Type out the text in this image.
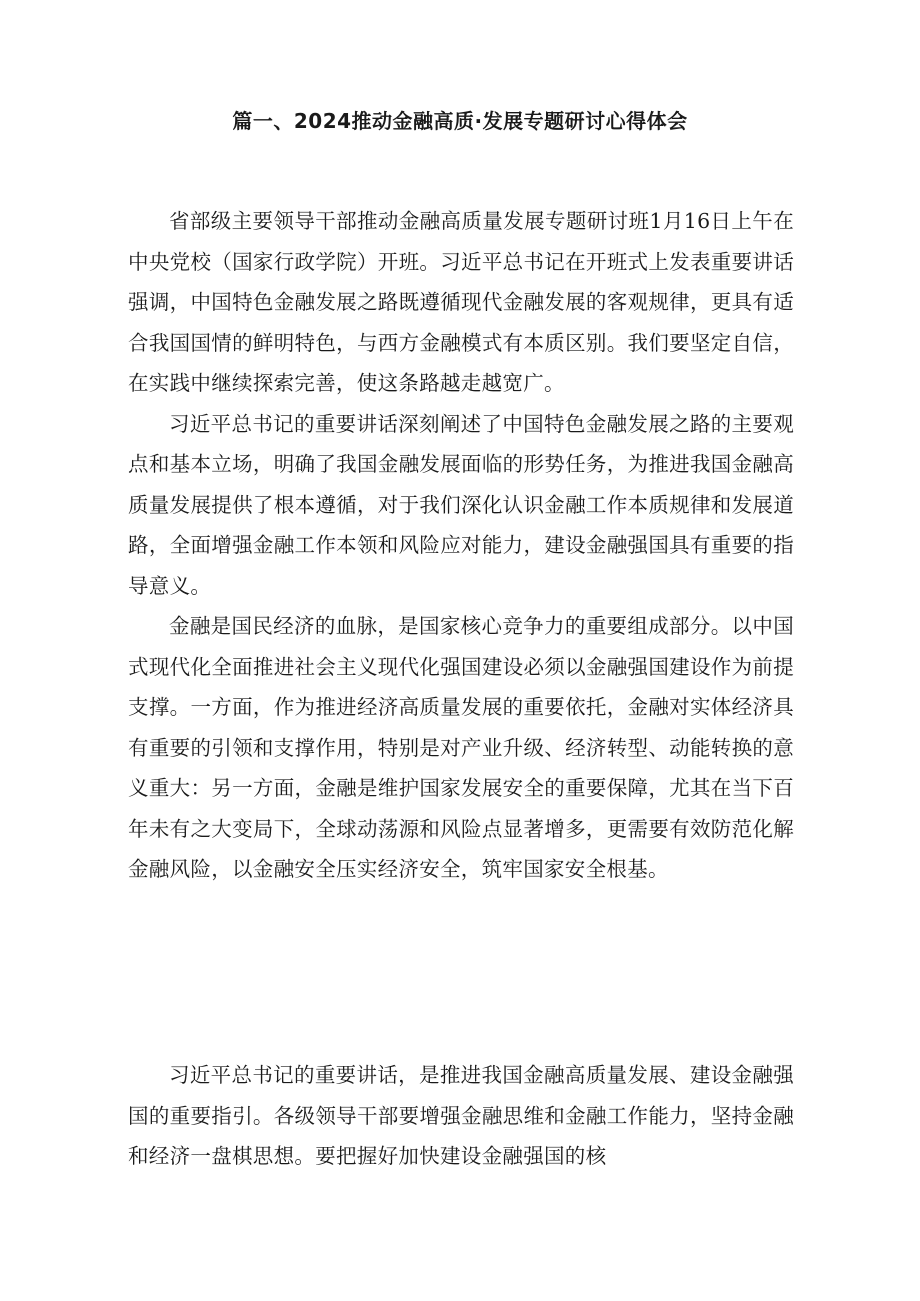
篇一、2024推动金融高质·发展专题研讨心得体会

省部级主要领导干部推动金融高质量发展专题研讨班1月16日上午在中央党校（国家行政学院）开班。习近平总书记在开班式上发表重要讲话强调，中国特色金融发展之路既遵循现代金融发展的客观规律，更具有适合我国国情的鲜明特色，与西方金融模式有本质区别。我们要坚定自信，在实践中继续探索完善，使这条路越走越宽广。

习近平总书记的重要讲话深刻阐述了中国特色金融发展之路的主要观点和基本立场，明确了我国金融发展面临的形势任务，为推进我国金融高质量发展提供了根本遵循，对于我们深化认识金融工作本质规律和发展道路，全面增强金融工作本领和风险应对能力，建设金融强国具有重要的指导意义。

金融是国民经济的血脉，是国家核心竞争力的重要组成部分。以中国式现代化全面推进社会主义现代化强国建设必须以金融强国建设作为前提支撑。一方面，作为推进经济高质量发展的重要依托，金融对实体经济具有重要的引领和支撑作用，特别是对产业升级、经济转型、动能转换的意义重大：另一方面，金融是维护国家发展安全的重要保障，尤其在当下百年未有之大变局下，全球动荡源和风险点显著增多，更需要有效防范化解金融风险，以金融安全压实经济安全，筑牢国家安全根基。

习近平总书记的重要讲话，是推进我国金融高质量发展、建设金融强国的重要指引。各级领导干部要增强金融思维和金融工作能力，坚持金融和经济一盘棋思想。要把握好加快建设金融强国的核
